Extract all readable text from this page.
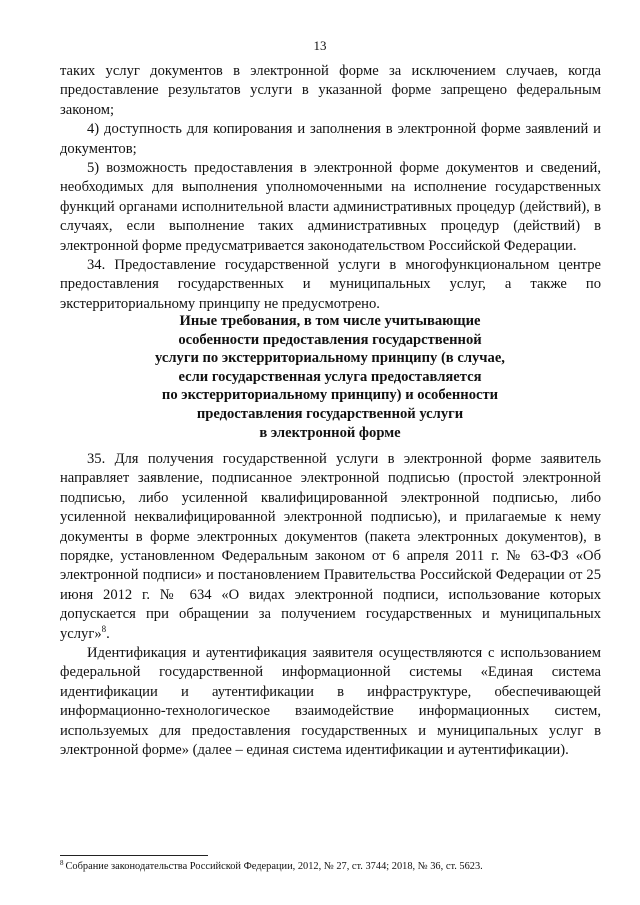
13

таких услуг документов в электронной форме за исключением случаев, когда предоставление результатов услуги в указанной форме запрещено федеральным законом;

4) доступность для копирования и заполнения в электронной форме заявлений и документов;

5) возможность предоставления в электронной форме документов и сведений, необходимых для выполнения уполномоченными на исполнение государственных функций органами исполнительной власти административных процедур (действий), в случаях, если выполнение таких административных процедур (действий) в электронной форме предусматривается законодательством Российской Федерации.

34. Предоставление государственной услуги в многофункциональном центре предоставления государственных и муниципальных услуг, а также по экстерриториальному принципу не предусмотрено.

Иные требования, в том числе учитывающие
особенности предоставления государственной
услуги по экстерриториальному принципу (в случае,
если государственная услуга предоставляется
по экстерриториальному принципу) и особенности
предоставления государственной услуги
в электронной форме

35. Для получения государственной услуги в электронной форме заявитель направляет заявление, подписанное электронной подписью (простой электронной подписью, либо усиленной квалифицированной электронной подписью, либо усиленной неквалифицированной электронной подписью), и прилагаемые к нему документы в форме электронных документов (пакета электронных документов), в порядке, установленном Федеральным законом от 6 апреля 2011 г. № 63-ФЗ «Об электронной подписи» и постановлением Правительства Российской Федерации от 25 июня 2012 г. № 634 «О видах электронной подписи, использование которых допускается при обращении за получением государственных и муниципальных услуг»$^8$.

Идентификация и аутентификация заявителя осуществляются с использованием федеральной государственной информационной системы «Единая система идентификации и аутентификации в инфраструктуре, обеспечивающей информационно-технологическое взаимодействие информационных систем, используемых для предоставления государственных и муниципальных услуг в электронной форме» (далее – единая система идентификации и аутентификации).

$^8$ Собрание законодательства Российской Федерации, 2012, № 27, ст. 3744; 2018, № 36, ст. 5623.
